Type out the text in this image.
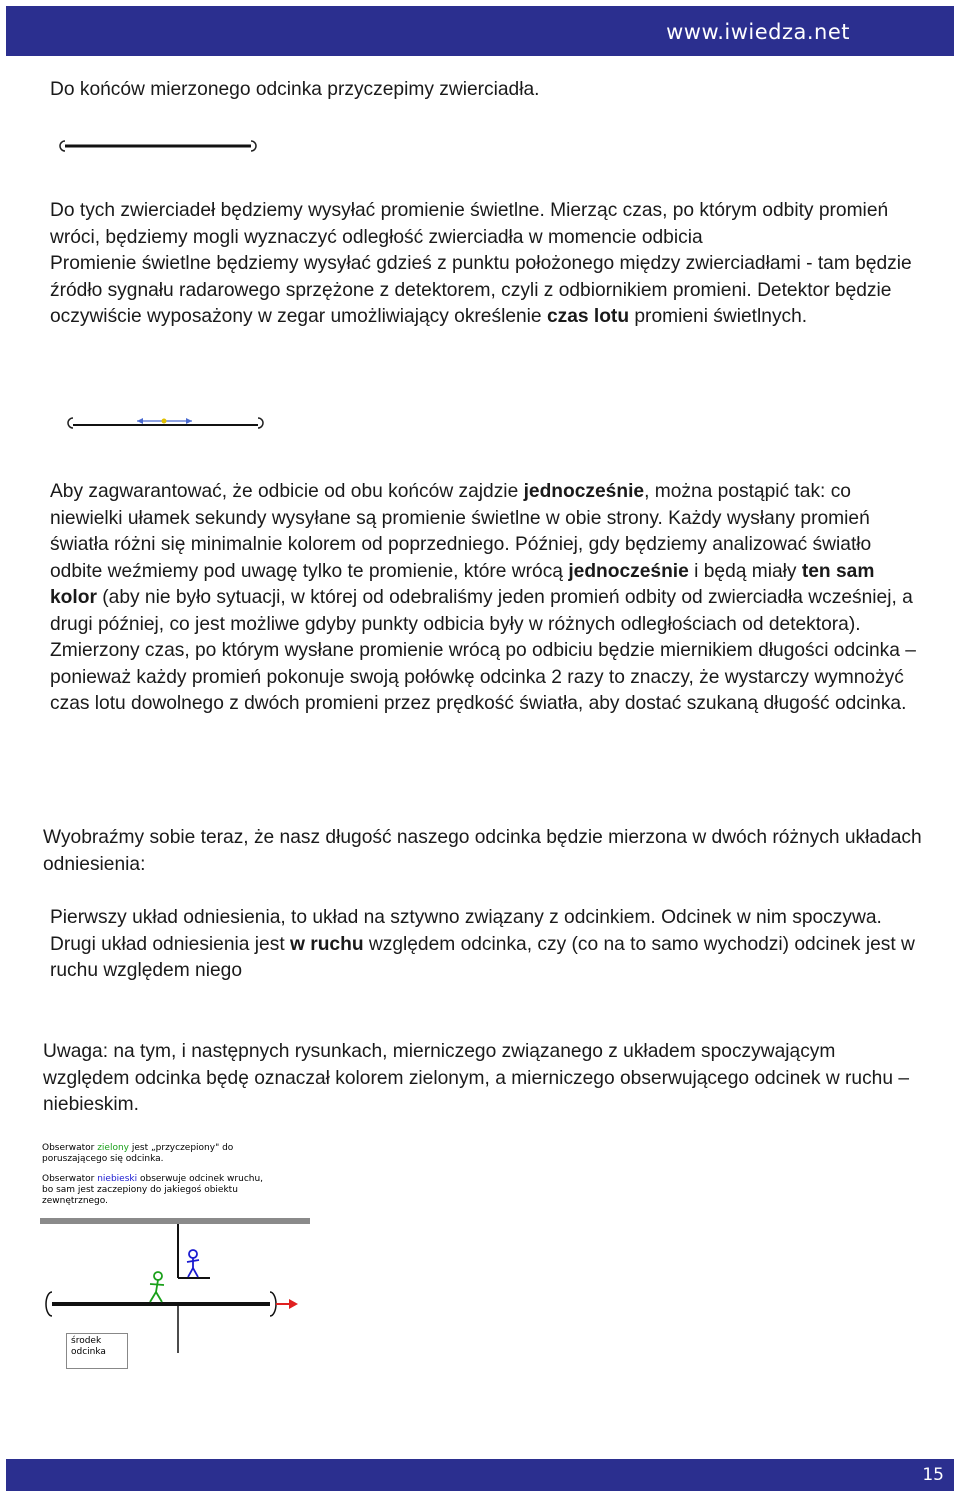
www.iwiedza.net

Do końców mierzonego odcinka przyczepimy zwierciadła.

Do tych zwierciadeł będziemy wysyłać promienie świetlne. Mierząc czas, po którym odbity promień wróci, będziemy mogli wyznaczyć odległość zwierciadła w momencie odbicia
Promienie świetlne będziemy wysyłać gdzieś z punktu położonego między zwierciadłami - tam będzie źródło sygnału radarowego sprzężone z detektorem, czyli z odbiornikiem promieni. Detektor będzie oczywiście wyposażony w zegar umożliwiający określenie czas lotu promieni świetlnych.

Aby zagwarantować, że odbicie od obu końców zajdzie jednocześnie, można postąpić tak: co niewielki ułamek sekundy wysyłane są promienie świetlne w obie strony. Każdy wysłany promień światła różni się minimalnie kolorem od poprzedniego. Później, gdy będziemy analizować światło odbite weźmiemy pod uwagę tylko te promienie, które wrócą jednocześnie i będą miały ten sam kolor (aby nie było sytuacji, w której od odebraliśmy jeden promień odbity od zwierciadła wcześniej, a drugi później, co jest możliwe gdyby punkty odbicia były w różnych odległościach od detektora). Zmierzony czas, po którym wysłane promienie wrócą po odbiciu będzie miernikiem długości odcinka – ponieważ każdy promień pokonuje swoją połówkę odcinka 2 razy to znaczy, że wystarczy wymnożyć czas lotu dowolnego z dwóch promieni przez prędkość światła, aby dostać szukaną długość odcinka.

Wyobraźmy sobie teraz, że nasz długość naszego odcinka będzie mierzona w dwóch różnych układach odniesienia:

Pierwszy układ odniesienia, to układ na sztywno związany z odcinkiem. Odcinek w nim spoczywa.
Drugi układ odniesienia jest w ruchu względem odcinka, czy (co na to samo wychodzi) odcinek jest w ruchu względem niego

Uwaga: na tym, i następnych rysunkach, mierniczego związanego z układem spoczywającym względem odcinka będę oznaczał kolorem zielonym, a mierniczego obserwującego odcinek w ruchu – niebieskim.

Obserwator zielony jest „przyczepiony" do poruszającego się odcinka.
Obserwator niebieski obserwuje odcinek wruchu, bo sam jest zaczepiony do jakiegoś obiektu zewnętrznego.
środek
odcinka
15
